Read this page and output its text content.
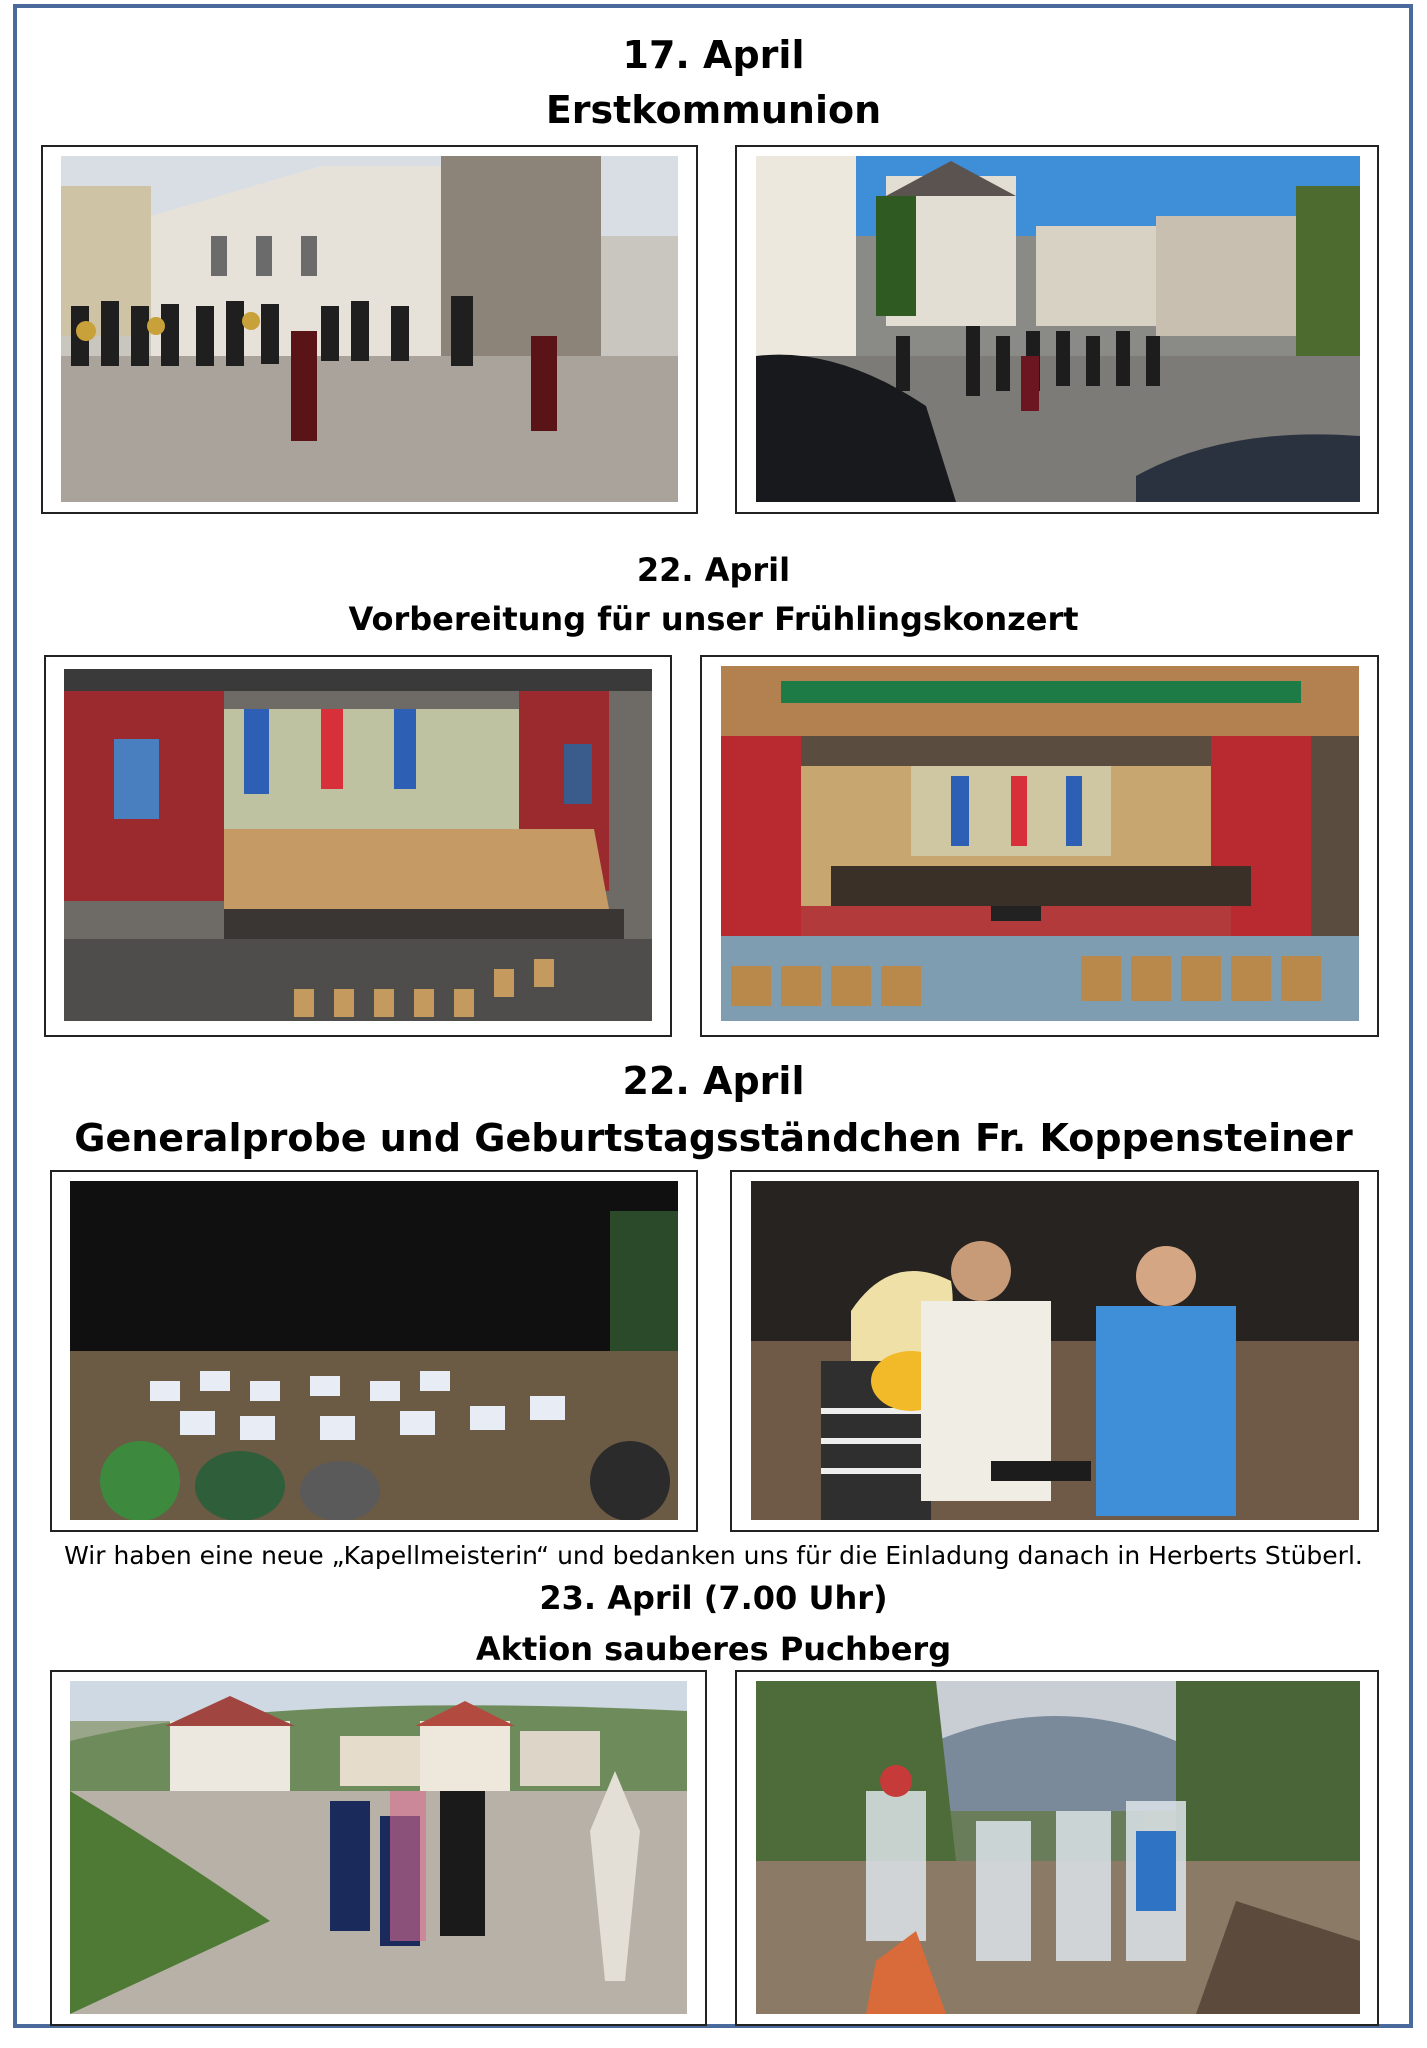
17. April
Erstkommunion
22. April
Vorbereitung für unser Frühlingskonzert
22. April
Generalprobe und Geburtstagsständchen Fr. Koppensteiner
Wir haben eine neue „Kapellmeisterin“ und bedanken uns für die Einladung danach in Herberts Stüberl.
23. April (7.00 Uhr)
Aktion sauberes Puchberg
